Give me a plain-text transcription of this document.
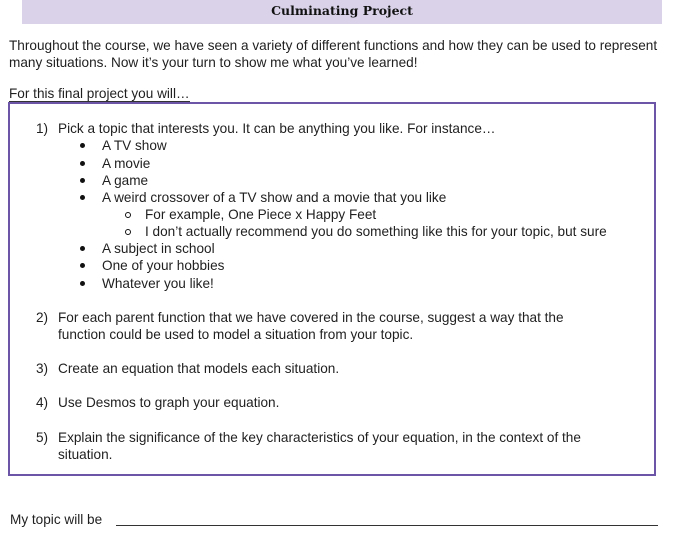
Culminating Project

Throughout the course, we have seen a variety of different functions and how they can be used to represent many situations. Now it’s your turn to show me what you’ve learned!

For this final project you will…

1) Pick a topic that interests you. It can be anything you like. For instance…
A TV show
A movie
A game
A weird crossover of a TV show and a movie that you like
For example, One Piece x Happy Feet
I don’t actually recommend you do something like this for your topic, but sure
A subject in school
One of your hobbies
Whatever you like!
2) For each parent function that we have covered in the course, suggest a way that the
function could be used to model a situation from your topic.
3) Create an equation that models each situation.
4) Use Desmos to graph your equation.
5) Explain the significance of the key characteristics of your equation, in the context of the
situation.
My topic will be
